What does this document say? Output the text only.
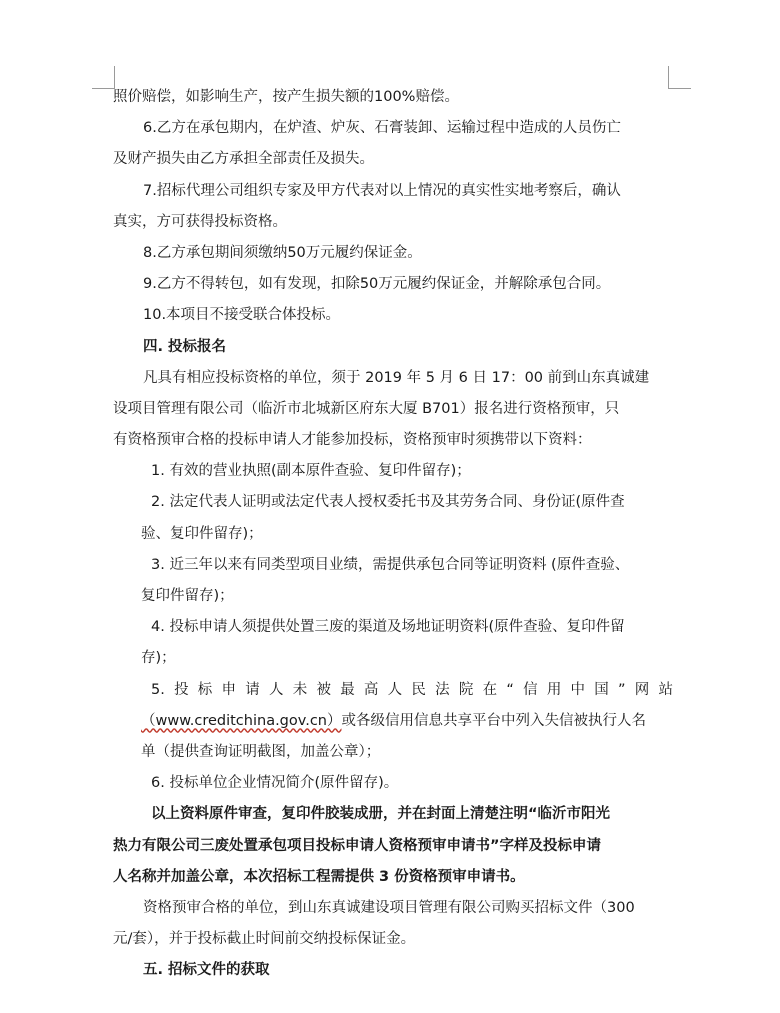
照价赔偿，如影响生产，按产生损失额的100%赔偿。
6.乙方在承包期内，在炉渣、炉灰、石膏装卸、运输过程中造成的人员伤亡
及财产损失由乙方承担全部责任及损失。
7.招标代理公司组织专家及甲方代表对以上情况的真实性实地考察后，确认
真实，方可获得投标资格。
8.乙方承包期间须缴纳50万元履约保证金。
9.乙方不得转包，如有发现，扣除50万元履约保证金，并解除承包合同。
10.本项目不接受联合体投标。
四. 投标报名
凡具有相应投标资格的单位，须于 2019 年 5 月 6 日 17：00 前到山东真诚建
设项目管理有限公司（临沂市北城新区府东大厦 B701）报名进行资格预审，只
有资格预审合格的投标申请人才能参加投标，资格预审时须携带以下资料：
1. 有效的营业执照(副本原件查验、复印件留存)；
2. 法定代表人证明或法定代表人授权委托书及其劳务合同、身份证(原件查
验、复印件留存)；
3. 近三年以来有同类型项目业绩，需提供承包合同等证明资料 (原件查验、
复印件留存)；
4. 投标申请人须提供处置三废的渠道及场地证明资料(原件查验、复印件留
存)；
5.投标申请人未被最高人民法院在“信用中国”网站
（www.creditchina.gov.cn）或各级信用信息共享平台中列入失信被执行人名
单（提供查询证明截图，加盖公章）；
6. 投标单位企业情况简介(原件留存)。
以上资料原件审查，复印件胶装成册，并在封面上清楚注明“临沂市阳光
热力有限公司三废处置承包项目投标申请人资格预审申请书”字样及投标申请
人名称并加盖公章，本次招标工程需提供 3 份资格预审申请书。
资格预审合格的单位，到山东真诚建设项目管理有限公司购买招标文件（300
元/套），并于投标截止时间前交纳投标保证金。
五. 招标文件的获取
